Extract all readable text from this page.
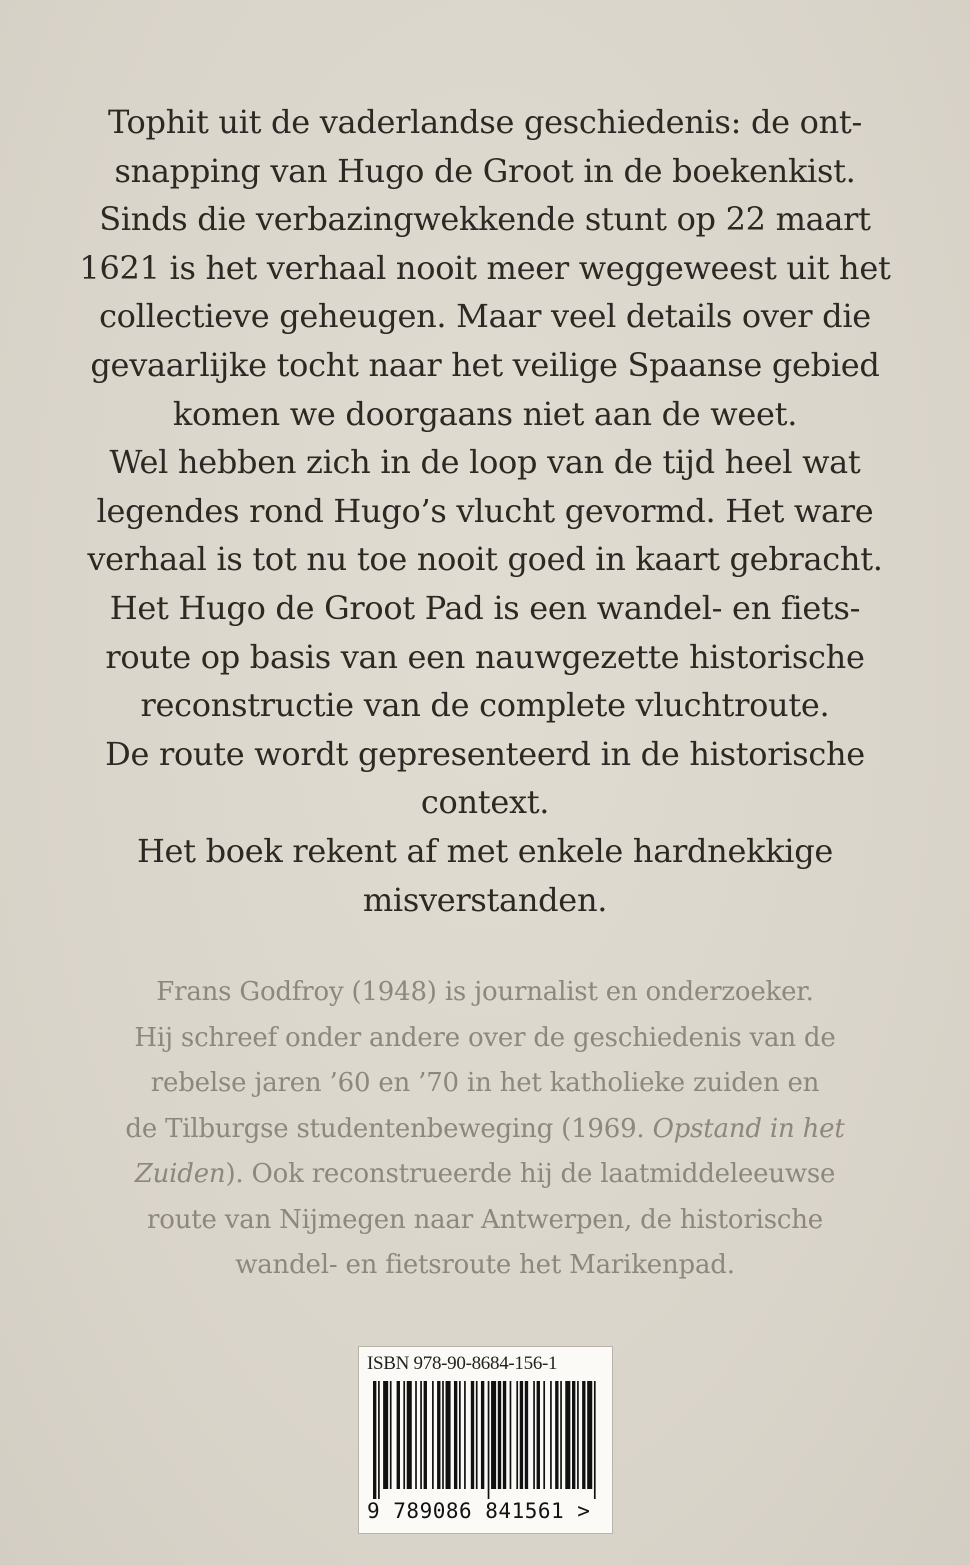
Tophit uit de vaderlandse geschiedenis: de ont-
snapping van Hugo de Groot in de boekenkist.
Sinds die verbazingwekkende stunt op 22 maart
1621 is het verhaal nooit meer weggeweest uit het
collectieve geheugen. Maar veel details over die
gevaarlijke tocht naar het veilige Spaanse gebied
komen we doorgaans niet aan de weet.
Wel hebben zich in de loop van de tijd heel wat
legendes rond Hugo’s vlucht gevormd. Het ware
verhaal is tot nu toe nooit goed in kaart gebracht.
Het Hugo de Groot Pad is een wandel- en fiets-
route op basis van een nauwgezette historische
reconstructie van de complete vluchtroute.
De route wordt gepresenteerd in de historische
context.
Het boek rekent af met enkele hardnekkige
misverstanden.
Frans Godfroy (1948) is journalist en onderzoeker.
Hij schreef onder andere over de geschiedenis van de
rebelse jaren ’60 en ’70 in het katholieke zuiden en
de Tilburgse studentenbeweging (1969. Opstand in het
Zuiden). Ook reconstrueerde hij de laatmiddeleeuwse
route van Nijmegen naar Antwerpen, de historische
wandel- en fietsroute het Marikenpad.
ISBN 978-90-8684-156-1
9 789086 841561 >
